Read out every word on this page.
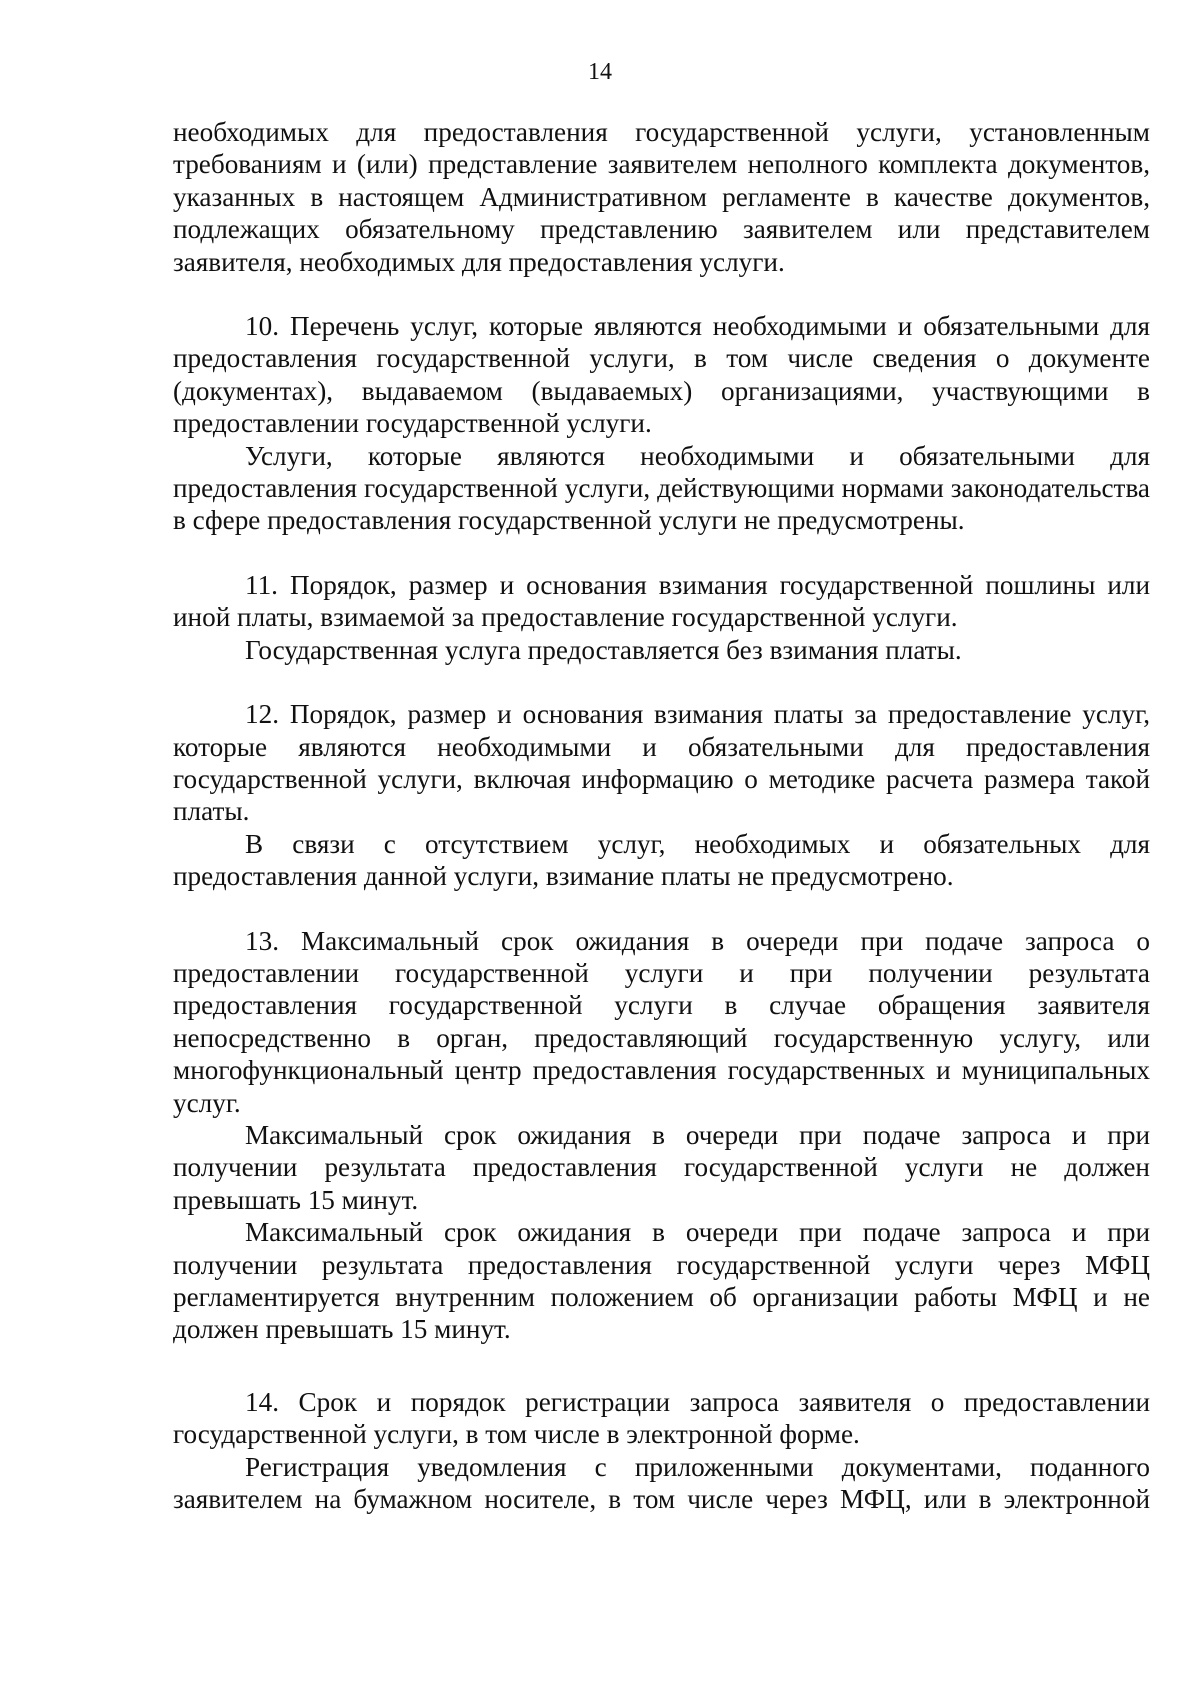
14

необходимых для предоставления государственной услуги, установленным требованиям и (или) представление заявителем неполного комплекта документов, указанных в настоящем Административном регламенте в качестве документов, подлежащих обязательному представлению заявителем или представителем заявителя, необходимых для предоставления услуги.

10. Перечень услуг, которые являются необходимыми и обязательными для предоставления государственной услуги, в том числе сведения о документе (документах), выдаваемом (выдаваемых) организациями, участвующими в предоставлении государственной услуги.

Услуги, которые являются необходимыми и обязательными для предоставления государственной услуги, действующими нормами законодательства в сфере предоставления государственной услуги не предусмотрены.

11. Порядок, размер и основания взимания государственной пошлины или иной платы, взимаемой за предоставление государственной услуги.

Государственная услуга предоставляется без взимания платы.

12. Порядок, размер и основания взимания платы за предоставление услуг, которые являются необходимыми и обязательными для предоставления государственной услуги, включая информацию о методике расчета размера такой платы.

В связи с отсутствием услуг, необходимых и обязательных для предоставления данной услуги, взимание платы не предусмотрено.

13. Максимальный срок ожидания в очереди при подаче запроса о предоставлении государственной услуги и при получении результата предоставления государственной услуги в случае обращения заявителя непосредственно в орган, предоставляющий государственную услугу, или многофункциональный центр предоставления государственных и муниципальных услуг.

Максимальный срок ожидания в очереди при подаче запроса и при получении результата предоставления государственной услуги не должен превышать 15 минут.

Максимальный срок ожидания в очереди при подаче запроса и при получении результата предоставления государственной услуги через МФЦ регламентируется внутренним положением об организации работы МФЦ и не должен превышать 15 минут.

14. Срок и порядок регистрации запроса заявителя о предоставлении государственной услуги, в том числе в электронной форме.

Регистрация уведомления с приложенными документами, поданного заявителем на бумажном носителе, в том числе через МФЦ, или в электронной
